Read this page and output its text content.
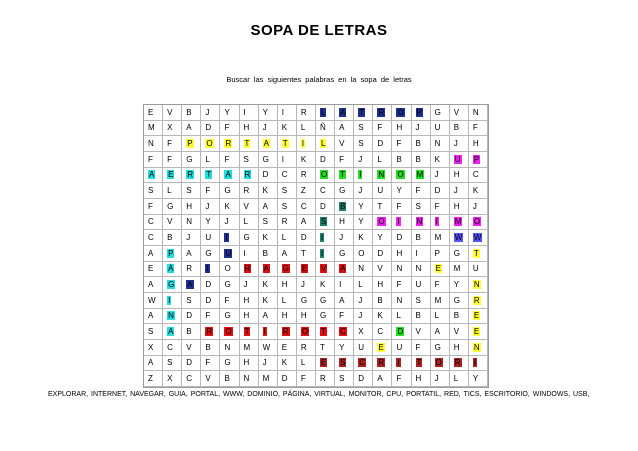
SOPA DE LETRAS
Buscar las siguientes palabras en la sopa de letras
E V B J Y I Y I R L A T R O P G V N
M X A D F H J K L Ñ A S F H J U B F
N F P O R T A T I L V S D F B N J H
F F G L F S G I K D F J L B B K U P
A E R T A R D C R O T I N O M J H C
S L S F G R K S Z C G J U Y F D J K
F G H J K V A S C D B Y T F S F H J
C V N Y J L S R A S H Y O I N I M O
C B J U I G K L D I J K Y D B M W W
A P A G U I B A T I G O D H I P G T
E Á R I O R A G E V A N V N N E M U
A G A D G J K H J K I L H F U F Y N
W I S D F H K L G G A J B N S M G R
A N D F G H A H H G F J K L B L B E
S A B R O T I R O T C X C D V A V E
X C V B N M W E R T Y U E U F G H N
A S D F G H J K L E S C R I T O R I
Z X C V B N M D F R S D A F H J L Y
EXPLORAR, INTERNET, NAVEGAR, GUIA, PORTAL, WWW, DOMINIO, PÁGINA, VIRTUAL, MONITOR, CPU, PORTATIL, RED, TICS, ESCRITORIO, WINDOWS, USB,
